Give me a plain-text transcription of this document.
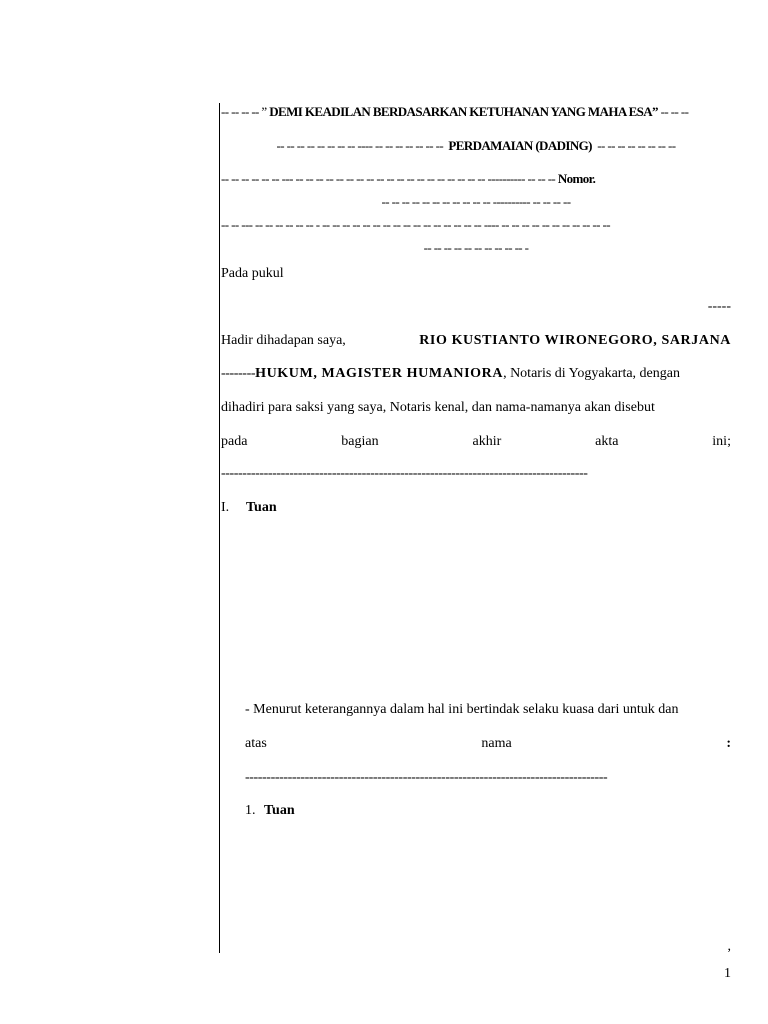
-- -- -- -- ” DEMI KEADILAN BERDASARKAN KETUHANAN YANG MAHA ESA” -- -- --
-- -- -- -- -- -- -- -- ---- -- -- -- -- -- -- -- PERDAMAIAN (DADING) -- -- -- -- -- -- -- --
-- -- -- -- -- -- --- -- -- -- -- -- -- -- -- -- -- -- -- -- -- -- -- -- -- -- ---------- -- -- -- Nomor.
-- -- -- -- -- -- -- -- -- -- -- ---------- -- -- -- --
-- -- --- -- -- -- -- -- -- - -- -- -- -- -- -- -- -- -- -- -- -- -- -- -- -- ---- -- -- -- -- -- -- -- -- -- -- --
-- -- -- -- -- -- -- -- -- -- -
Pada pukul
-----
Hadir dihadapan saya,	RIO KUSTIANTO WIRONEGORO, SARJANA
--------HUKUM, MAGISTER HUMANIORA, Notaris di Yogyakarta, dengan
dihadiri para saksi yang saya, Notaris kenal, dan nama-namanya akan disebut
pada	bagian	akhir	akta	ini;
--------------------------------------------------------------------------------------
I. Tuan
- Menurut keterangannya dalam hal ini bertindak selaku kuasa dari untuk dan
atas	nama	:
-------------------------------------------------------------------------------------
1. Tuan
,
1
